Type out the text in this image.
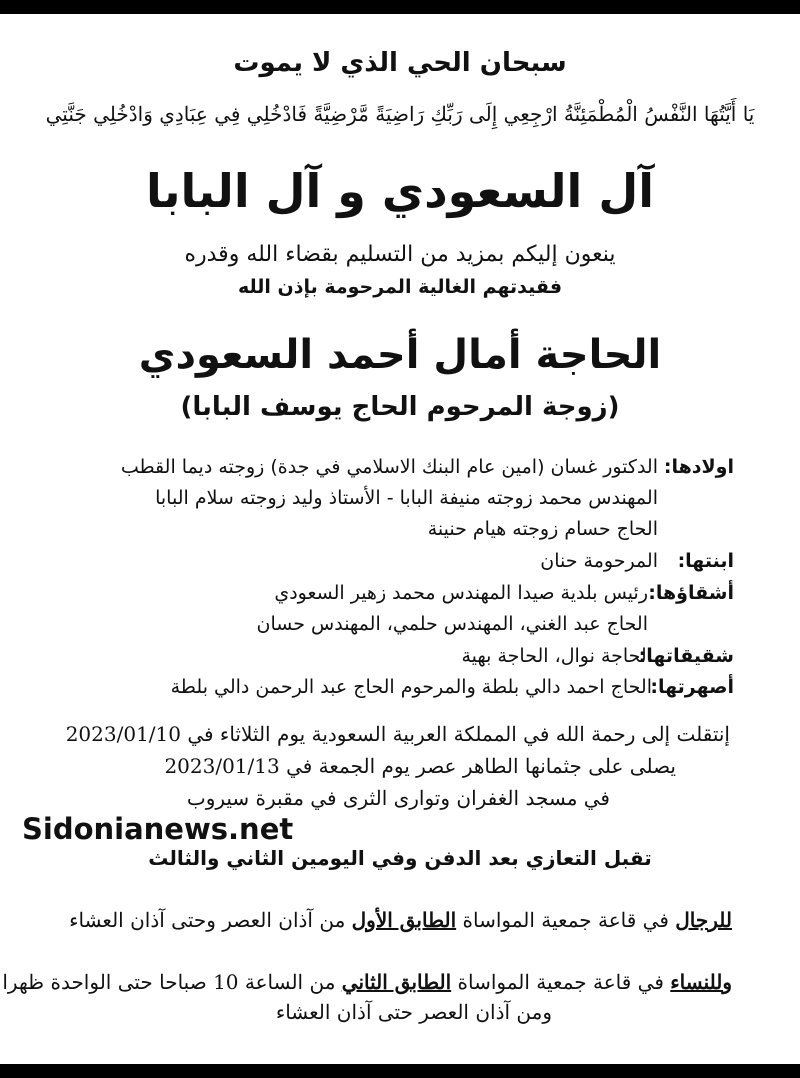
سبحان الحي الذي لا يموت
يَا أَيَّتُهَا النَّفْسُ الْمُطْمَئِنَّةُ ارْجِعِي إِلَى رَبِّكِ رَاضِيَةً مَّرْضِيَّةً فَادْخُلِي فِي عِبَادِي وَادْخُلِي جَنَّتِي
آل السعودي و آل البابا
ينعون إليكم بمزيد من التسليم بقضاء الله وقدره
فقيدتهم الغالية المرحومة بإذن الله
الحاجة أمال أحمد السعودي
(زوجة المرحوم الحاج يوسف البابا)
اولادها:
الدكتور غسان (امين عام البنك الاسلامي في جدة) زوجته ديما القطب
المهندس محمد زوجته منيفة البابا - الأستاذ وليد زوجته سلام البابا
الحاج حسام زوجته هيام حنينة
ابنتها:
المرحومة حنان
أشقاؤها:
رئيس بلدية صيدا المهندس محمد زهير السعودي
الحاج عبد الغني، المهندس حلمي، المهندس حسان
شقيقاتها:
الحاجة نوال، الحاجة بهية
أصهرتها:
الحاج احمد دالي بلطة والمرحوم الحاج عبد الرحمن دالي بلطة
إنتقلت إلى رحمة الله في المملكة العربية السعودية يوم الثلاثاء في 2023/01/10
يصلى على جثمانها الطاهر عصر يوم الجمعة في 2023/01/13
في مسجد الغفران وتوارى الثرى في مقبرة سيروب
Sidonianews.net
تقبل التعازي بعد الدفن وفي اليومين الثاني والثالث
للرجال في قاعة جمعية المواساة الطابق الأول من آذان العصر وحتى آذان العشاء
وللنساء في قاعة جمعية المواساة الطابق الثاني من الساعة 10 صباحا حتى الواحدة ظهرا
ومن آذان العصر حتى آذان العشاء
